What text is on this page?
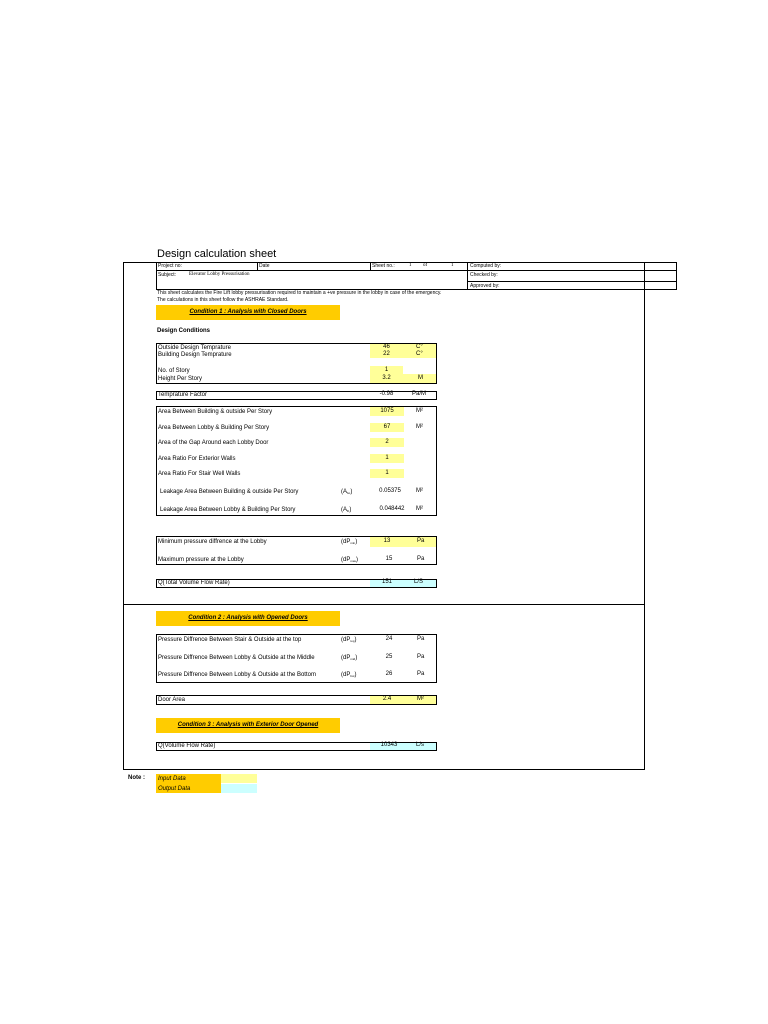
Design calculation sheet
Project no:	Date	Sheet no.:	1 of	1	Computed by:
Subject:	Elevator Lobby Pressurisation	Checked by:
Approved by:
This sheet calculates the Fire Lift lobby pressurisation required to maintain a +ve pressure in the lobby in case of the emergency.
The calculations in this sheet follow the ASHRAE Standard.
Condition 1 : Analysis with Closed Doors
Design Conditions
Outside Design Temprature	46	C°
Building Design Temprature	22	C°
No. of Story	1
Height Per Story	3.2	M
Temprature Factor	-0.98	Pa/M
Area Between Building & outside Per Story	1075	M²
Area Between Lobby & Building Per Story	67	M²
Area of the Gap Around each Lobby Door	2
Area Ratio For Exterior Walls	1
Area Ratio For Stair Well Walls	1
Leakage Area Between Building & outside Per Story	$(A_{bo})$	0.05375	M²
Leakage Area Between Lobby & Building Per Story	$(A_{lb})$	0.048442	M²
Minimum pressure diffrence at the Lobby	$(dP_{min})$	13	Pa
Maximum pressure at the Lobby	$(dP_{max})$	15	Pa
Q(Total Volume Flow Rate)	151	L/S
Condition 2 : Analysis with Opened Doors
Pressure Diffrence Between Stair & Outside at the top	$(dP_{top})$	24	Pa
Pressure Diffrence Between Lobby & Outside at the Middle	$(dP_{mid})$	25	Pa
Pressure Diffrence Between Lobby & Outside at the Bottom	$(dP_{bot})$	26	Pa
Door Area	2.4	M²
Condition 3 : Analysis with Exterior Door Opened
Q(Volume Flow Rate)	10343	L/s
Note : Input Data
Output Data
